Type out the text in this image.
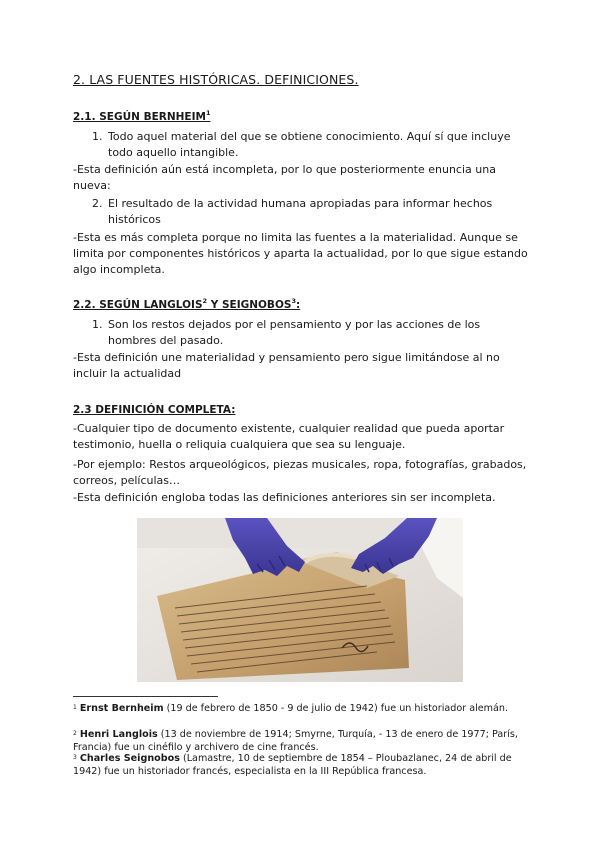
2. LAS FUENTES HISTÓRICAS. DEFINICIONES.
2.1. SEGÚN BERNHEIM$^1$
1. Todo aquel material del que se obtiene conocimiento. Aquí sí que incluye todo aquello intangible.
-Esta definición aún está incompleta, por lo que posteriormente enuncia una nueva:
2. El resultado de la actividad humana apropiadas para informar hechos históricos
-Esta es más completa porque no limita las fuentes a la materialidad. Aunque se limita por componentes históricos y aparta la actualidad, por lo que sigue estando algo incompleta.
2.2. SEGÚN LANGLOIS$^2$ Y SEIGNOBOS$^3$:
1. Son los restos dejados por el pensamiento y por las acciones de los hombres del pasado.
-Esta definición une materialidad y pensamiento pero sigue limitándose al no incluir la actualidad
2.3 DEFINICIÓN COMPLETA:
-Cualquier tipo de documento existente, cualquier realidad que pueda aportar testimonio, huella o reliquia cualquiera que sea su lenguaje.
-Por ejemplo: Restos arqueológicos, piezas musicales, ropa, fotografías, grabados, correos, películas…
-Esta definición engloba todas las definiciones anteriores sin ser incompleta.
$^1$ Ernst Bernheim (19 de febrero de 1850 - 9 de julio de 1942) fue un historiador alemán.
$^2$ Henri Langlois (13 de noviembre de 1914; Smyrne, Turquía, - 13 de enero de 1977; París, Francia) fue un cinéfilo y archivero de cine francés.
$^3$ Charles Seignobos (Lamastre, 10 de septiembre de 1854 – Ploubazlanec, 24 de abril de 1942) fue un historiador francés, especialista en la III República francesa.
